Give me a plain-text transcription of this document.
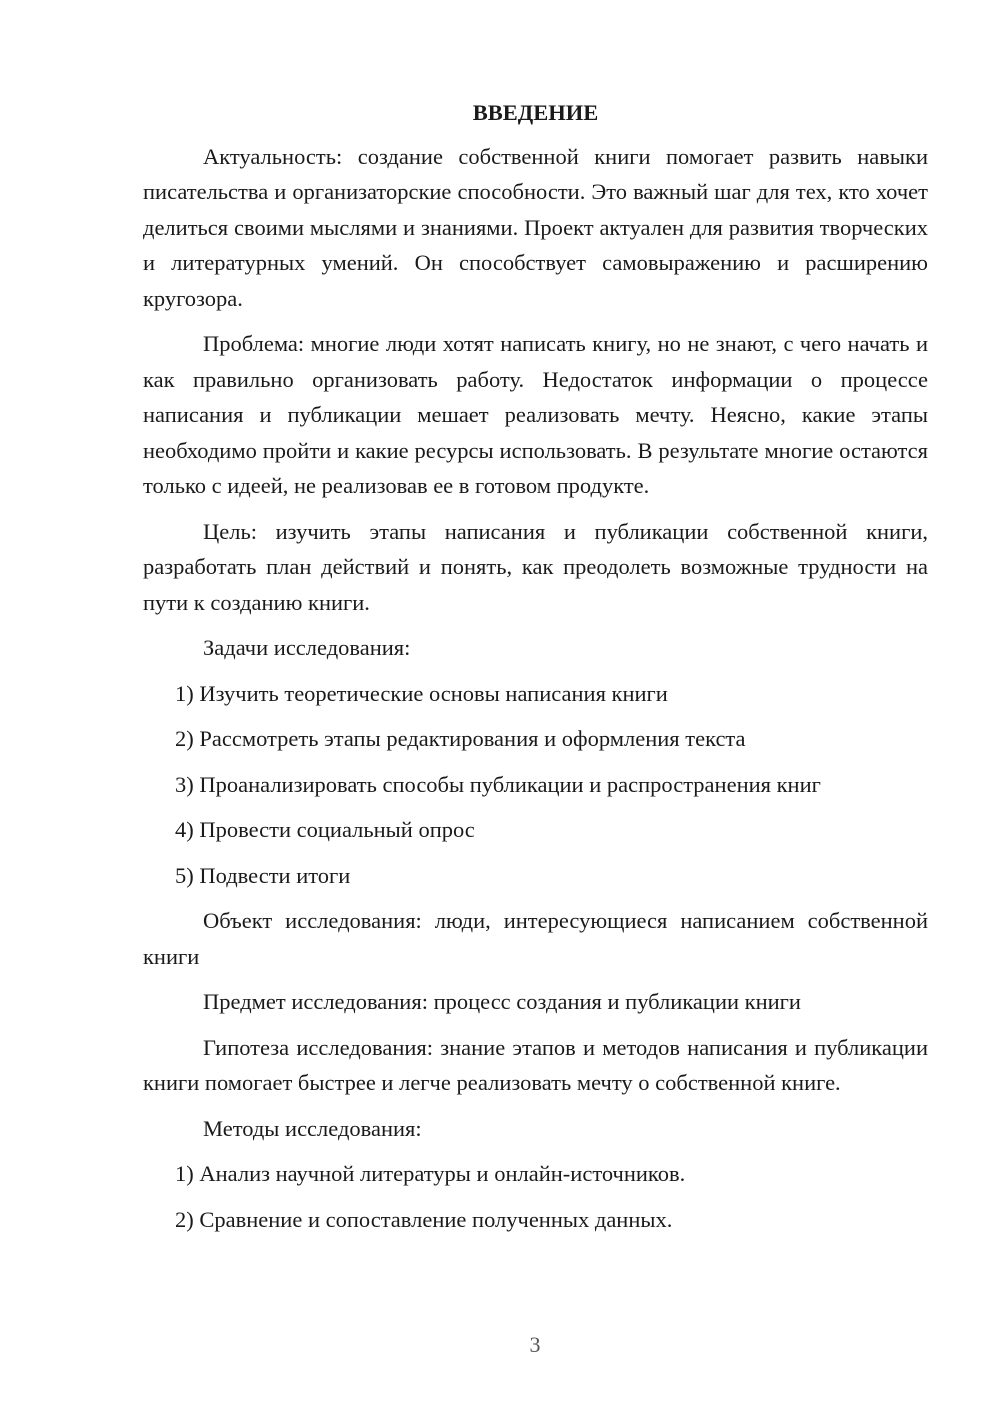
ВВЕДЕНИЕ

Актуальность: создание собственной книги помогает развить навыки писательства и организаторские способности. Это важный шаг для тех, кто хочет делиться своими мыслями и знаниями. Проект актуален для развития творческих и литературных умений. Он способствует самовыражению и расширению кругозора.

Проблема: многие люди хотят написать книгу, но не знают, с чего начать и как правильно организовать работу. Недостаток информации о процессе написания и публикации мешает реализовать мечту. Неясно, какие этапы необходимо пройти и какие ресурсы использовать. В результате многие остаются только с идеей, не реализовав ее в готовом продукте.

Цель: изучить этапы написания и публикации собственной книги, разработать план действий и понять, как преодолеть возможные трудности на пути к созданию книги.

Задачи исследования:

1) Изучить теоретические основы написания книги

2) Рассмотреть этапы редактирования и оформления текста

3) Проанализировать способы публикации и распространения книг

4) Провести социальный опрос

5) Подвести итоги

Объект исследования: люди, интересующиеся написанием собственной книги

Предмет исследования: процесс создания и публикации книги

Гипотеза исследования: знание этапов и методов написания и публикации книги помогает быстрее и легче реализовать мечту о собственной книге.

Методы исследования:

1) Анализ научной литературы и онлайн-источников.

2) Сравнение и сопоставление полученных данных.

3
